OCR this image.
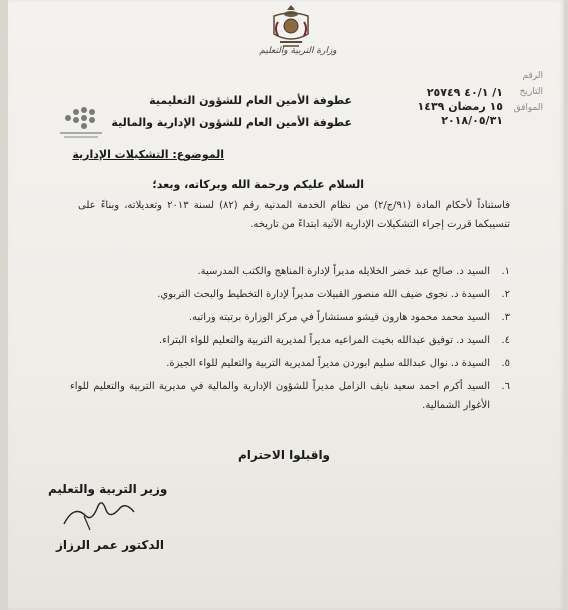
وزارة التربية والتعليم
الرقم
التاريخ
الموافق
١/ ٤٠/١ ٢٥٧٤٩
١٥ رمضان ١٤٣٩
٢٠١٨/٠٥/٣١
عطوفة الأمين العام للشؤون التعليمية
عطوفة الأمين العام للشؤون الإدارية والمالية
الموضوع: التشكيلات الإدارية
السلام عليكم ورحمة الله وبركاته، وبعد؛
فاستناداً لأحكام المادة (٩١/ج/٢) من نظام الخدمة المدنية رقم (٨٢) لسنة ٢٠١٣ وتعديلاته، وبناءً على تنسيبكما قررت إجراء التشكيلات الإدارية الآتية ابتداءً من تاريخه.
١.
السيد د. صالح عبد خضر الخلايله مديراً لإدارة المناهج والكتب المدرسية.
٢.
السيدة د. نجوى ضيف الله منصور القبيلات مديراً لإدارة التخطيط والبحث التربوي.
٣.
السيد محمد محمود هارون قيشو مستشاراً في مركز الوزارة برتبته وراتبه.
٤.
السيد د. توفيق عبدالله بخيت المراعيه مديراً لمديرية التربية والتعليم للواء البتراء.
٥.
السيدة د. نوال عبدالله سليم ابوردن مديراً لمديرية التربية والتعليم للواء الجيزة.
٦.
السيد أكرم احمد سعيد نايف الزامل مديراً للشؤون الإدارية والمالية في مديرية التربية والتعليم للواء الأغوار الشمالية.
واقبلوا الاحترام
وزير التربية والتعليم
الدكتور عمر الرزاز
